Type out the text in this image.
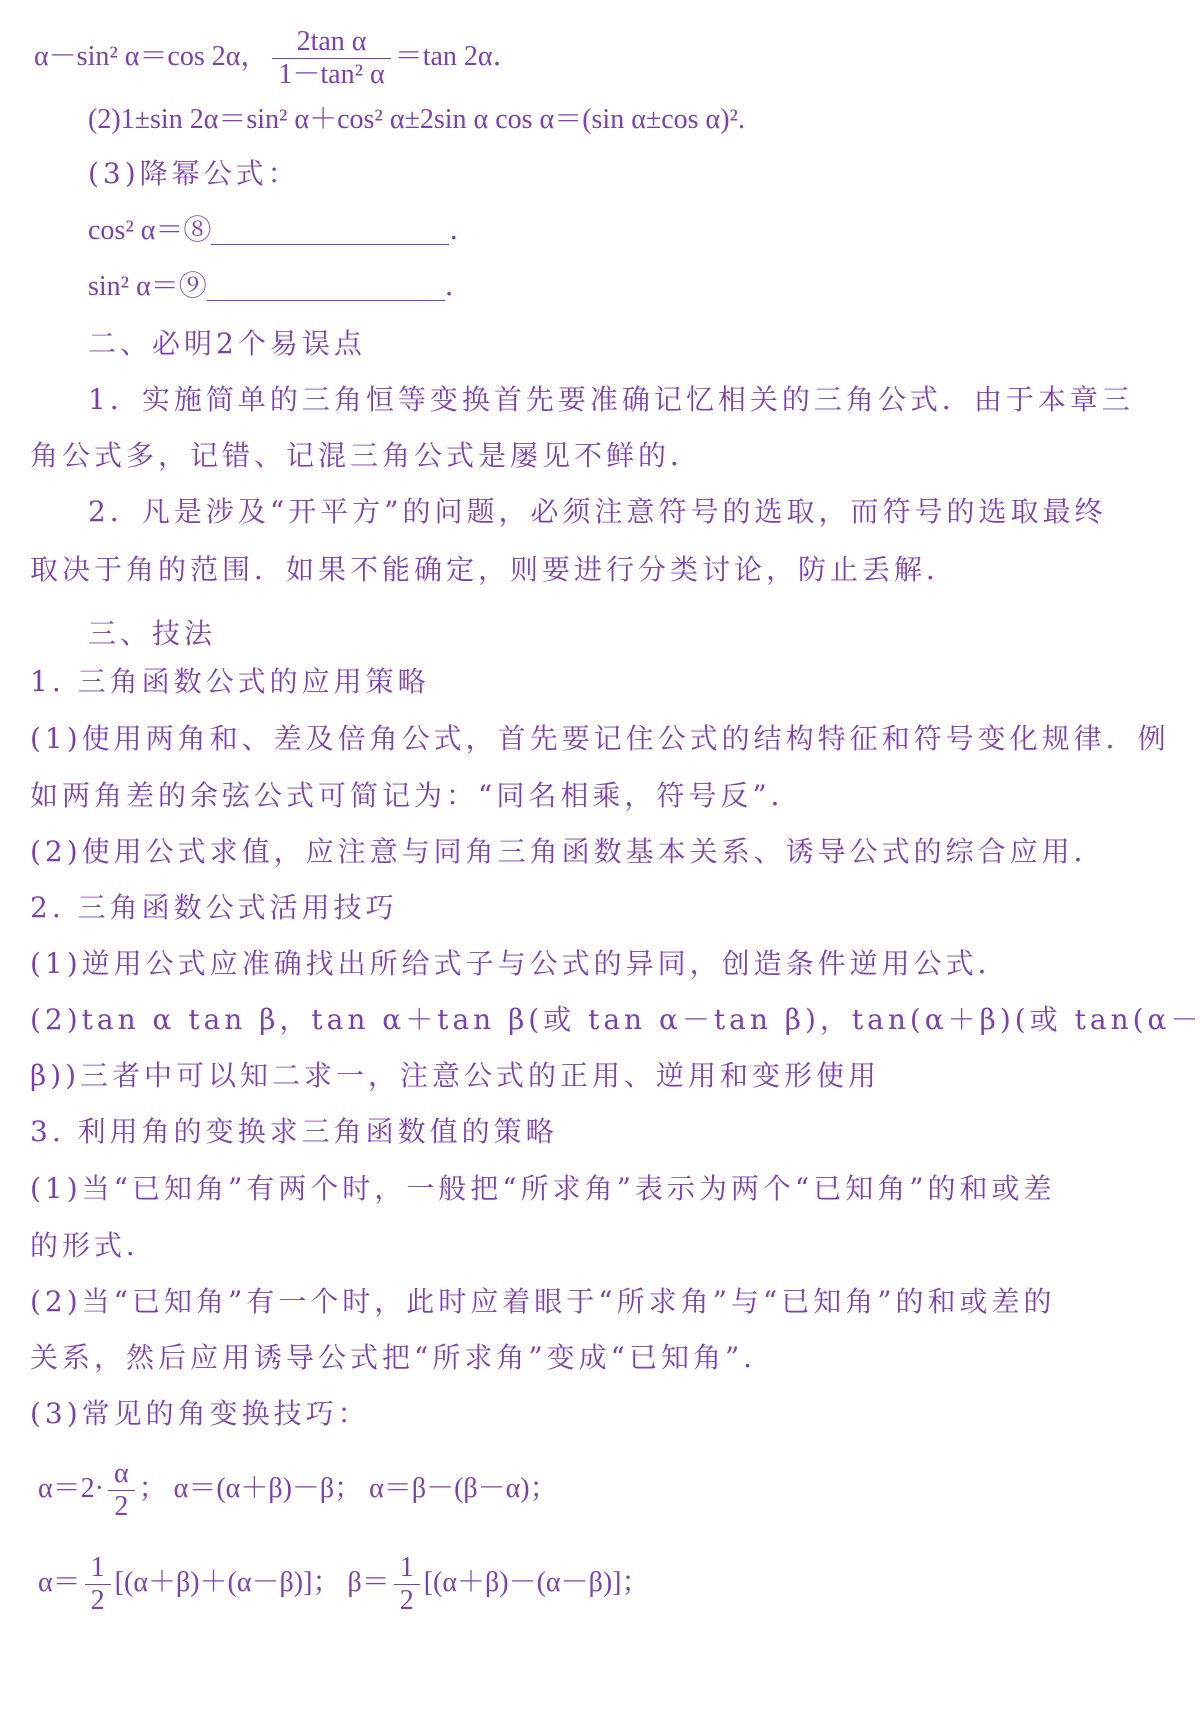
α－sin² α＝cos 2α， $\frac{\text{2tan α}}{\text{1－tan² α}} =\tan$ 2α．
(2)1±sin 2α＝sin² α＋cos² α±2sin α cos α＝(sin α±cos α)².
(3)降幂公式：
cos² α＝⑧	．
sin² α＝⑨	．
二、必明2个易误点
1．实施简单的三角恒等变换首先要准确记忆相关的三角公式．由于本章三
角公式多，记错、记混三角公式是屡见不鲜的．
2．凡是涉及“开平方”的问题，必须注意符号的选取，而符号的选取最终
取决于角的范围．如果不能确定，则要进行分类讨论，防止丢解．
三、技法
1. 三角函数公式的应用策略
(1)使用两角和、差及倍角公式，首先要记住公式的结构特征和符号变化规律．例
如两角差的余弦公式可简记为：“同名相乘，符号反”．
(2)使用公式求值，应注意与同角三角函数基本关系、诱导公式的综合应用．
2. 三角函数公式活用技巧
(1)逆用公式应准确找出所给式子与公式的异同，创造条件逆用公式．
(2)tan α tan β，tan α＋tan β(或 tan α－tan β)，tan(α＋β)(或 tan(α－
β))三者中可以知二求一，注意公式的正用、逆用和变形使用
3. 利用角的变换求三角函数值的策略
(1)当“已知角”有两个时，一般把“所求角”表示为两个“已知角”的和或差
的形式．
(2)当“已知角”有一个时，此时应着眼于“所求角”与“已知角”的和或差的
关系，然后应用诱导公式把“所求角”变成“已知角”．
(3)常见的角变换技巧：
$\alpha=2\cdot \frac{\alpha}{2}$ ； α＝(α＋β)－β； α＝β－(β－α)；
$\alpha= \frac{1}{2} [(\alpha+\beta)+(\alpha-\beta)]$； $\beta= \frac{1}{2} [(\alpha+\beta)-(\alpha-\beta)]$；
